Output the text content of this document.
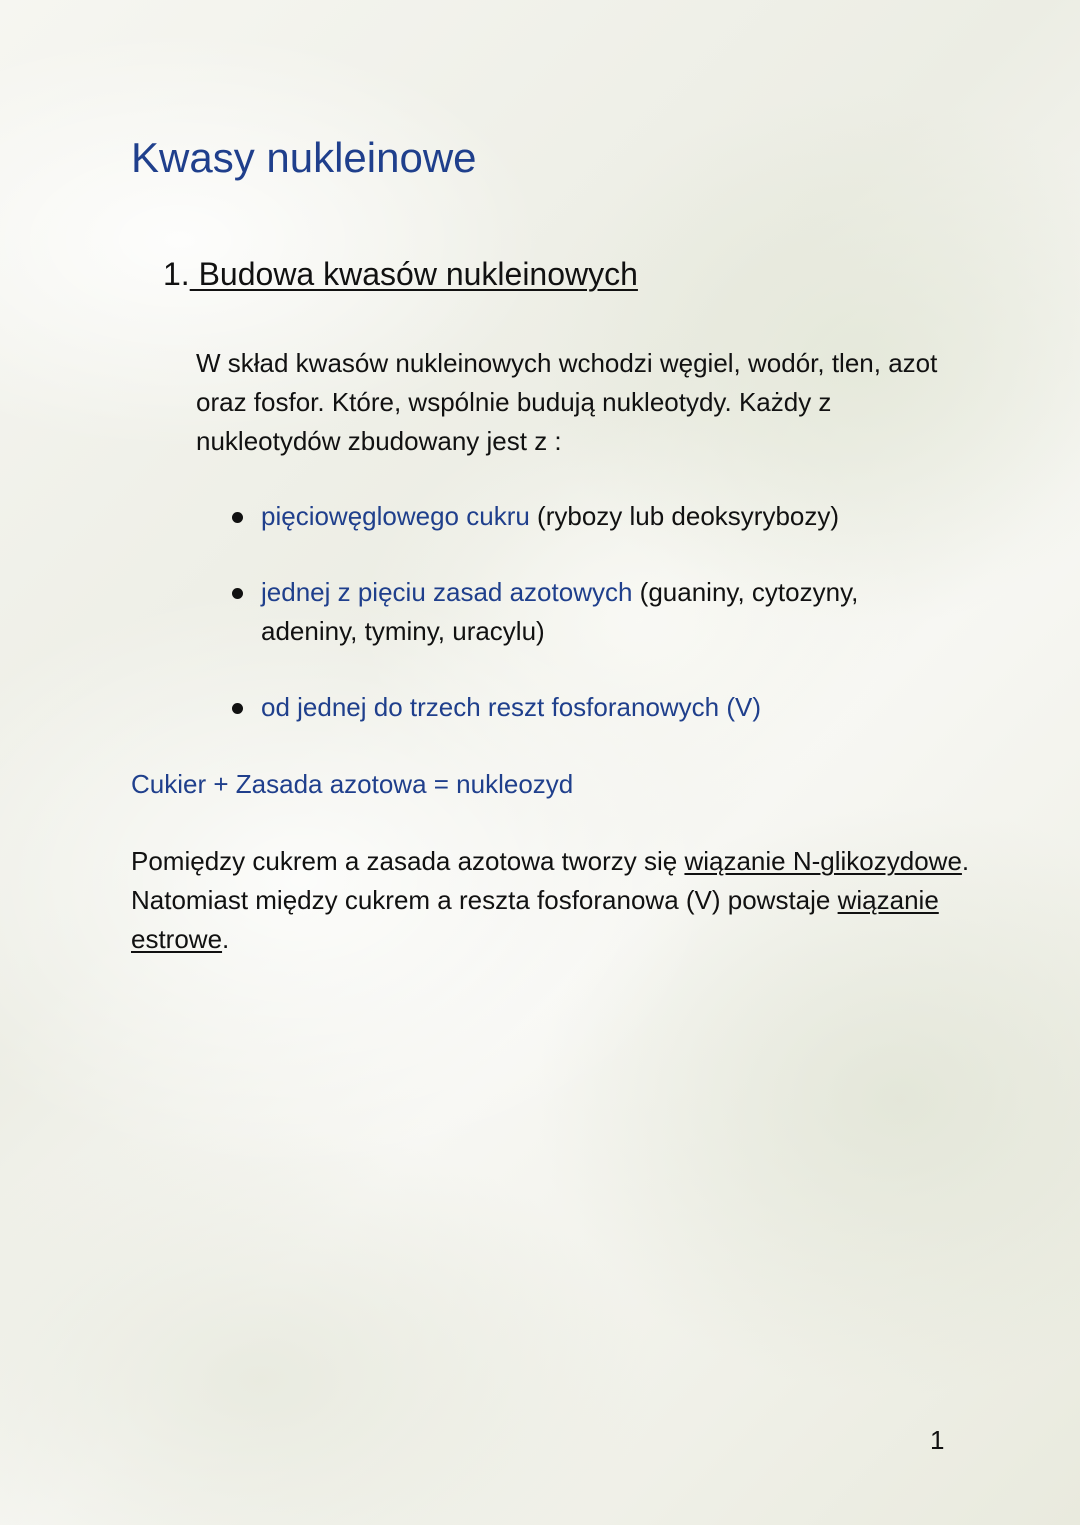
Kwasy nukleinowe
1. Budowa kwasów nukleinowych

W skład kwasów nukleinowych wchodzi węgiel, wodór, tlen, azot oraz fosfor. Które, wspólnie budują nukleotydy. Każdy z nukleotydów zbudowany jest z :

pięciowęglowego cukru (rybozy lub deoksyrybozy)
jednej z pięciu zasad azotowych (guaniny, cytozyny, adeniny, tyminy, uracylu)
od jednej do trzech reszt fosforanowych (V)

Cukier + Zasada azotowa = nukleozyd

Pomiędzy cukrem a zasada azotowa tworzy się wiązanie N-glikozydowe. Natomiast między cukrem a reszta fosforanowa (V) powstaje wiązanie estrowe.

1
